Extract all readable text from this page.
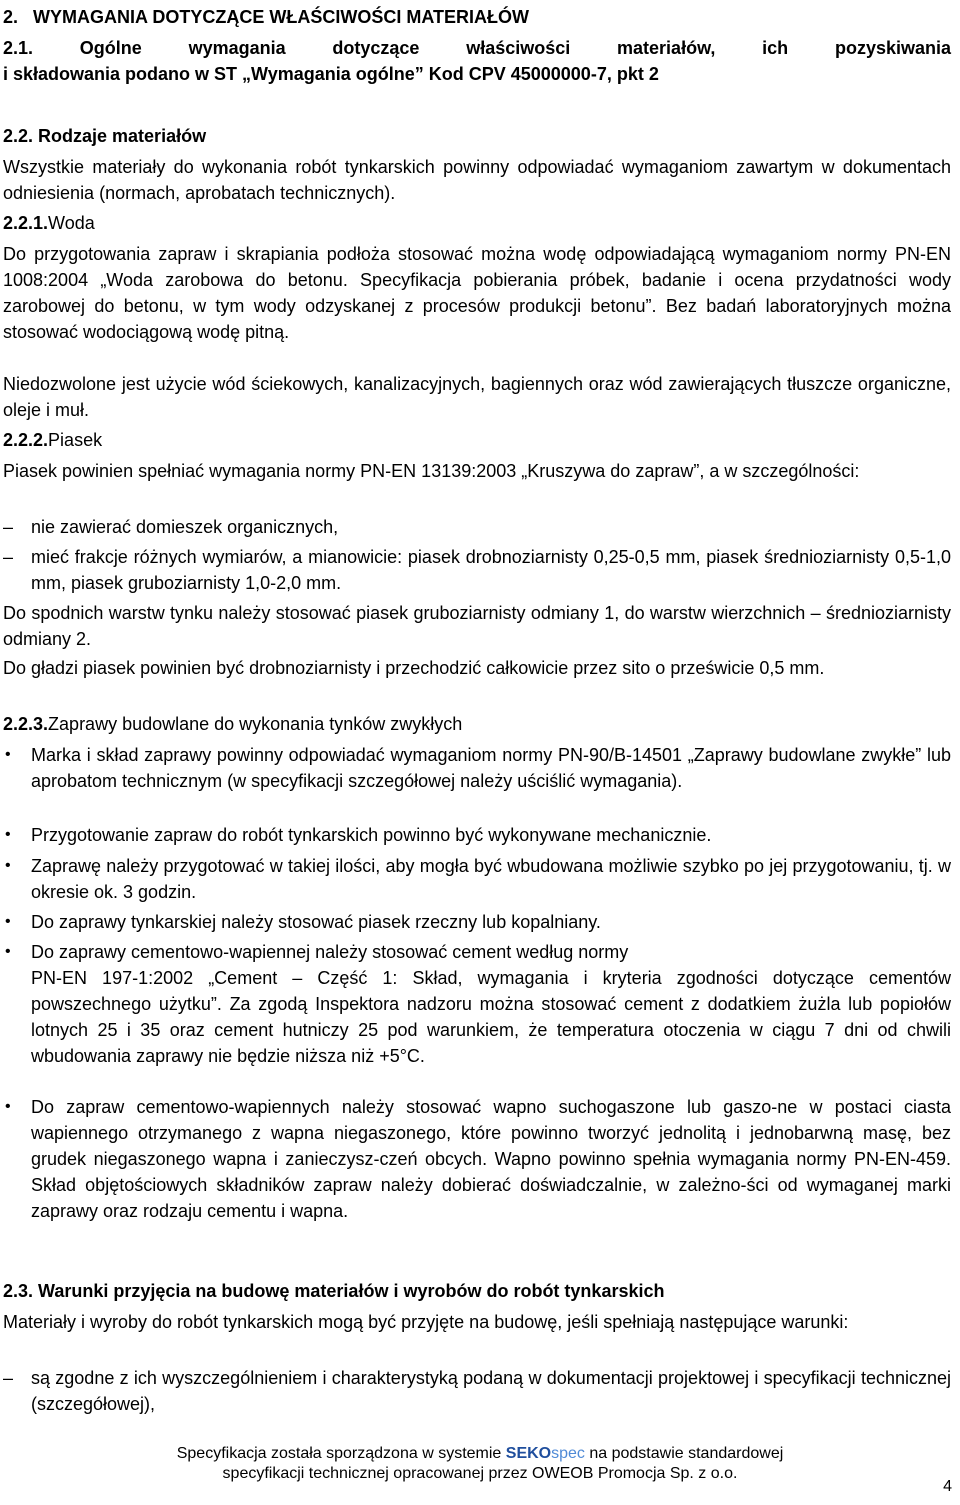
2. WYMAGANIA DOTYCZĄCE WŁAŚCIWOŚCI MATERIAŁÓW
2.1. Ogólne wymagania dotyczące właściwości materiałów, ich pozyskiwania
i składowania podano w ST „Wymagania ogólne” Kod CPV 45000000-7, pkt 2
2.2. Rodzaje materiałów
Wszystkie materiały do wykonania robót tynkarskich powinny odpowiadać wymaganiom zawartym w dokumentach odniesienia (normach, aprobatach technicznych).
2.2.1.Woda
Do przygotowania zapraw i skrapiania podłoża stosować można wodę odpowiadającą wymaganiom normy PN-EN 1008:2004 „Woda zarobowa do betonu. Specyfikacja pobierania próbek, badanie i ocena przydatności wody zarobowej do betonu, w tym wody odzyskanej z procesów produkcji betonu”. Bez badań laboratoryjnych można stosować wodociągową wodę pitną.
Niedozwolone jest użycie wód ściekowych, kanalizacyjnych, bagiennych oraz wód zawierających tłuszcze organiczne, oleje i muł.
2.2.2.Piasek
Piasek powinien spełniać wymagania normy PN-EN 13139:2003 „Kruszywa do zapraw”, a w szczególności:
– nie zawierać domieszek organicznych,
– mieć frakcje różnych wymiarów, a mianowicie: piasek drobnoziarnisty 0,25-0,5 mm, piasek średnioziarnisty 0,5-1,0 mm, piasek gruboziarnisty 1,0-2,0 mm.
Do spodnich warstw tynku należy stosować piasek gruboziarnisty odmiany 1, do warstw wierzchnich – średnioziarnisty odmiany 2.
Do gładzi piasek powinien być drobnoziarnisty i przechodzić całkowicie przez sito o prześwicie 0,5 mm.
2.2.3.Zaprawy budowlane do wykonania tynków zwykłych
•	Marka i skład zaprawy powinny odpowiadać wymaganiom normy PN-90/B-14501 „Zaprawy budowlane zwykłe” lub aprobatom technicznym (w specyfikacji szczegółowej należy uściślić wymagania).
•	Przygotowanie zapraw do robót tynkarskich powinno być wykonywane mechanicznie.
•	Zaprawę należy przygotować w takiej ilości, aby mogła być wbudowana możliwie szybko po jej przygotowaniu, tj. w okresie ok. 3 godzin.
•	Do zaprawy tynkarskiej należy stosować piasek rzeczny lub kopalniany.
•	Do zaprawy cementowo-wapiennej należy stosować cement według normy
PN-EN 197-1:2002 „Cement – Część 1: Skład, wymagania i kryteria zgodności dotyczące cementów powszechnego użytku”. Za zgodą Inspektora nadzoru można stosować cement z dodatkiem żużla lub popiołów lotnych 25 i 35 oraz cement hutniczy 25 pod warunkiem, że temperatura otoczenia w ciągu 7 dni od chwili wbudowania zaprawy nie będzie niższa niż +5°C.
•	Do zapraw cementowo-wapiennych należy stosować wapno suchogaszone lub gaszo-ne w postaci ciasta wapiennego otrzymanego z wapna niegaszonego, które powinno tworzyć jednolitą i jednobarwną masę, bez grudek niegaszonego wapna i zanieczysz-czeń obcych. Wapno powinno spełnia wymagania normy PN-EN-459. Skład objętościowych składników zapraw należy dobierać doświadczalnie, w zależno-ści od wymaganej marki zaprawy oraz rodzaju cementu i wapna.
2.3. Warunki przyjęcia na budowę materiałów i wyrobów do robót tynkarskich
Materiały i wyroby do robót tynkarskich mogą być przyjęte na budowę, jeśli spełniają następujące warunki:
– są zgodne z ich wyszczególnieniem i charakterystyką podaną w dokumentacji projektowej i specyfikacji technicznej (szczegółowej),
Specyfikacja została sporządzona w systemie SEKOspec na podstawie standardowej
specyfikacji technicznej opracowanej przez OWEOB Promocja Sp. z o.o.
4
